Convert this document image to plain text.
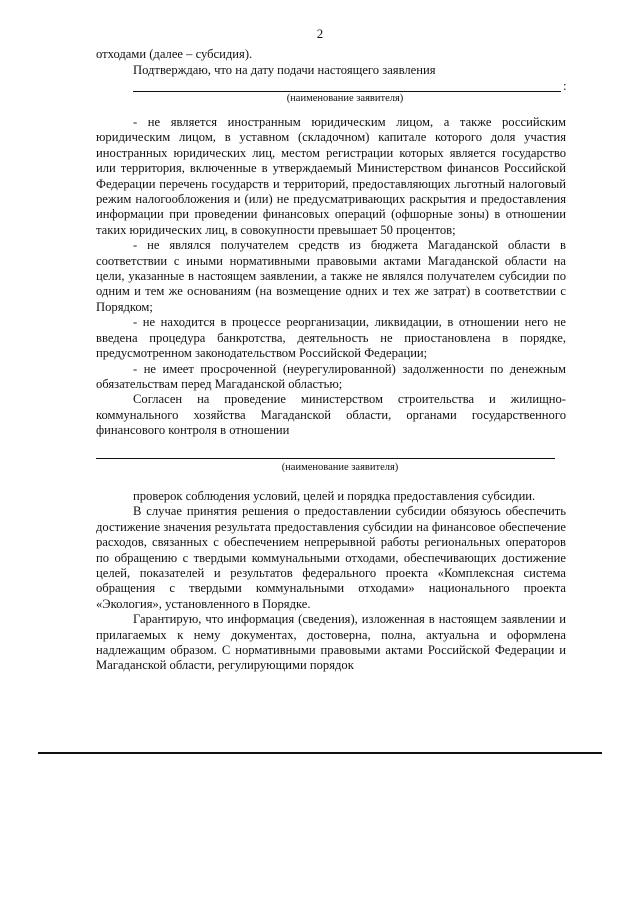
2

отходами (далее – субсидия).

Подтверждаю, что на дату подачи настоящего заявления

:
(наименование заявителя)

- не является иностранным юридическим лицом, а также российским юридическим лицом, в уставном (складочном) капитале которого доля участия иностранных юридических лиц, местом регистрации которых является государство или территория, включенные в утверждаемый Министерством финансов Российской Федерации перечень государств и территорий, предоставляющих льготный налоговый режим налогообложения и (или) не предусматривающих раскрытия и предоставления информации при проведении финансовых операций (офшорные зоны) в отношении таких юридических лиц, в совокупности превышает 50 процентов;

- не являлся получателем средств из бюджета Магаданской области в соответствии с иными нормативными правовыми актами Магаданской области на цели, указанные в настоящем заявлении, а также не являлся получателем субсидии по одним и тем же основаниям (на возмещение одних и тех же затрат) в соответствии с Порядком;

- не находится в процессе реорганизации, ликвидации, в отношении него не введена процедура банкротства, деятельность не приостановлена в порядке, предусмотренном законодательством Российской Федерации;

- не имеет просроченной (неурегулированной) задолженности по денежным обязательствам перед Магаданской областью;

Согласен на проведение министерством строительства и жилищно-коммунального хозяйства Магаданской области, органами государственного финансового контроля в отношении

(наименование заявителя)

проверок соблюдения условий, целей и порядка предоставления субсидии.

В случае принятия решения о предоставлении субсидии обязуюсь обеспечить достижение значения результата предоставления субсидии на финансовое обеспечение расходов, связанных с обеспечением непрерывной работы региональных операторов по обращению с твердыми коммунальными отходами, обеспечивающих достижение целей, показателей и результатов федерального проекта «Комплексная система обращения с твердыми коммунальными отходами» национального проекта «Экология», установленного в Порядке.

Гарантирую, что информация (сведения), изложенная в настоящем заявлении и прилагаемых к нему документах, достоверна, полна, актуальна и оформлена надлежащим образом. С нормативными правовыми актами Российской Федерации и Магаданской области, регулирующими порядок
